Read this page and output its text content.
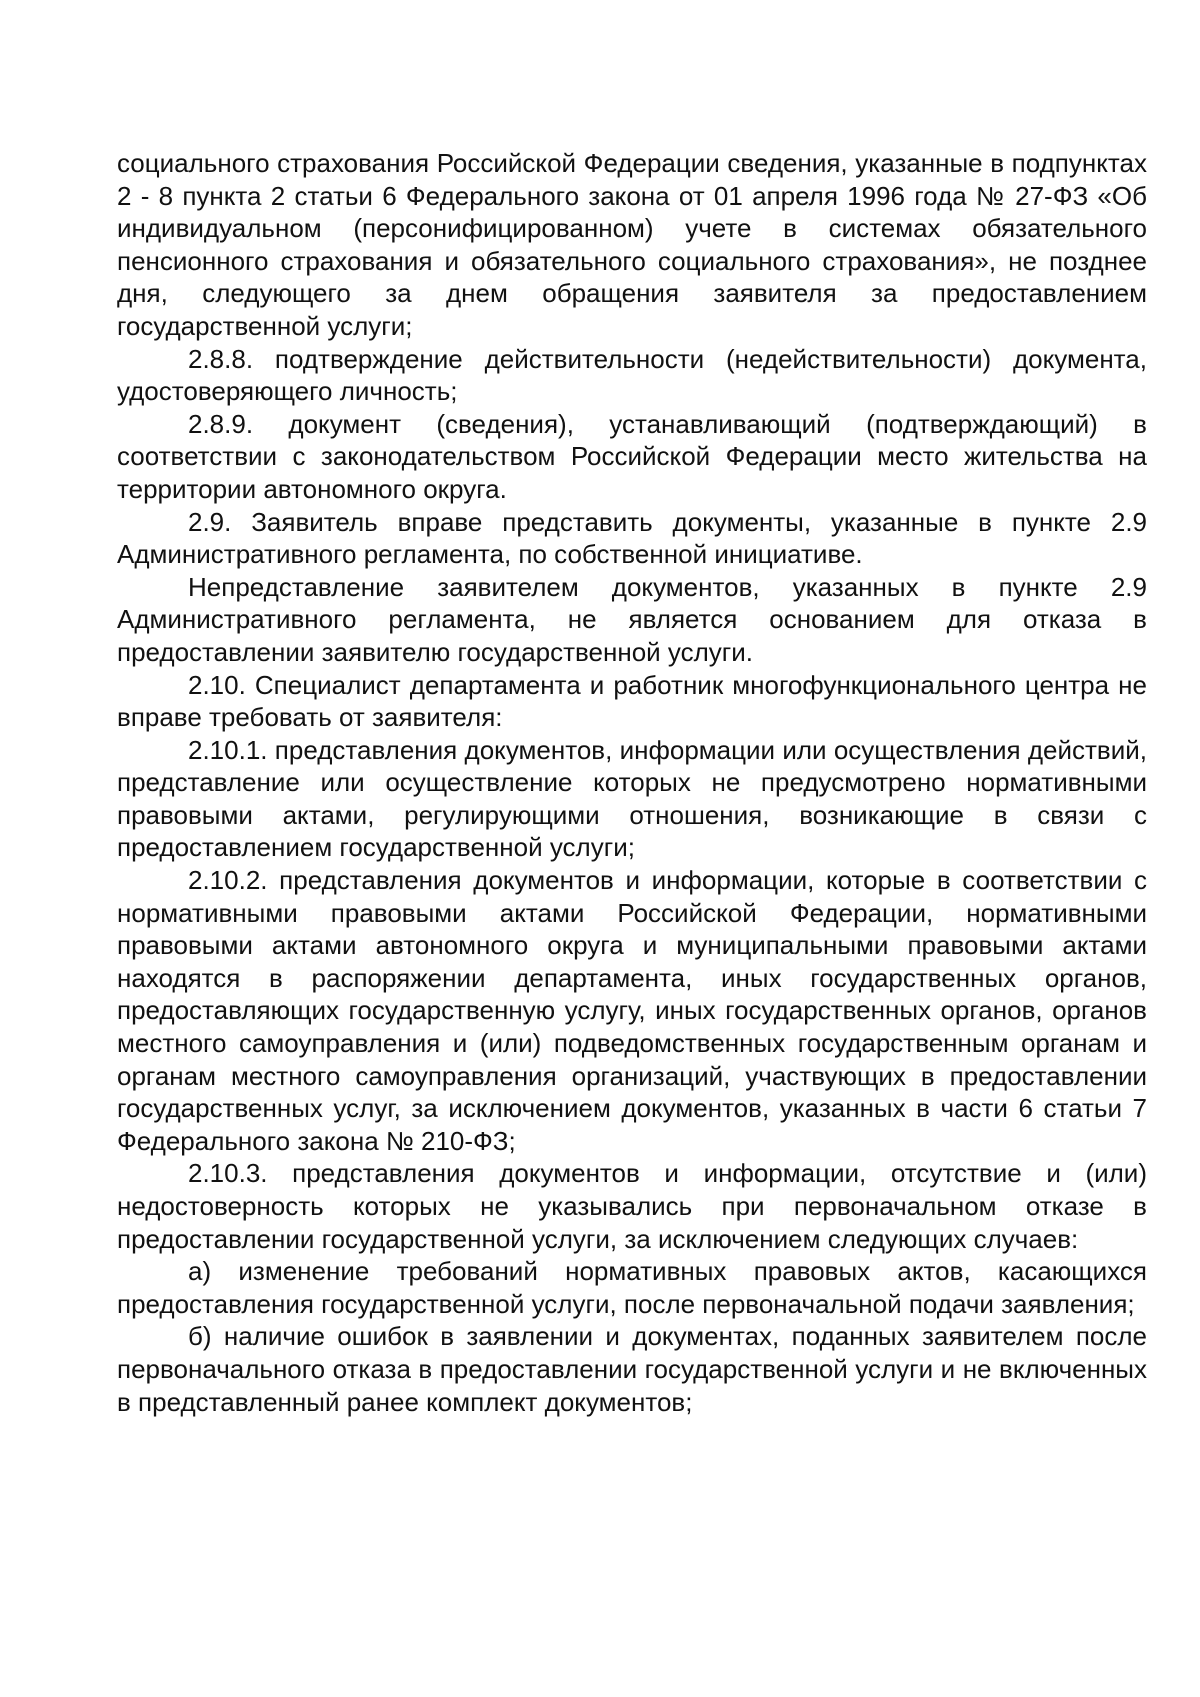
социального страхования Российской Федерации сведения, указанные в подпунктах 2 - 8 пункта 2 статьи 6 Федерального закона от 01 апреля 1996 года № 27-ФЗ «Об индивидуальном (персонифицированном) учете в системах обязательного пенсионного страхования и обязательного социального страхования», не позднее дня, следующего за днем обращения заявителя за предоставлением государственной услуги;

2.8.8. подтверждение действительности (недействительности) документа, удостоверяющего личность;

2.8.9. документ (сведения), устанавливающий (подтверждающий) в соответствии с законодательством Российской Федерации место жительства на территории автономного округа.

2.9. Заявитель вправе представить документы, указанные в пункте 2.9 Административного регламента, по собственной инициативе.

Непредставление заявителем документов, указанных в пункте 2.9 Административного регламента, не является основанием для отказа в предоставлении заявителю государственной услуги.

2.10. Специалист департамента и работник многофункционального центра не вправе требовать от заявителя:

2.10.1. представления документов, информации или осуществления действий, представление или осуществление которых не предусмотрено нормативными правовыми актами, регулирующими отношения, возникающие в связи с предоставлением государственной услуги;

2.10.2. представления документов и информации, которые в соответствии с нормативными правовыми актами Российской Федерации, нормативными правовыми актами автономного округа и муниципальными правовыми актами находятся в распоряжении департамента, иных государственных органов, предоставляющих государственную услугу, иных государственных органов, органов местного самоуправления и (или) подведомственных государственным органам и органам местного самоуправления организаций, участвующих в предоставлении государственных услуг, за исключением документов, указанных в части 6 статьи 7 Федерального закона № 210-ФЗ;

2.10.3. представления документов и информации, отсутствие и (или) недостоверность которых не указывались при первоначальном отказе в предоставлении государственной услуги, за исключением следующих случаев:

а) изменение требований нормативных правовых актов, касающихся предоставления государственной услуги, после первоначальной подачи заявления;

б) наличие ошибок в заявлении и документах, поданных заявителем после первоначального отказа в предоставлении государственной услуги и не включенных в представленный ранее комплект документов;
